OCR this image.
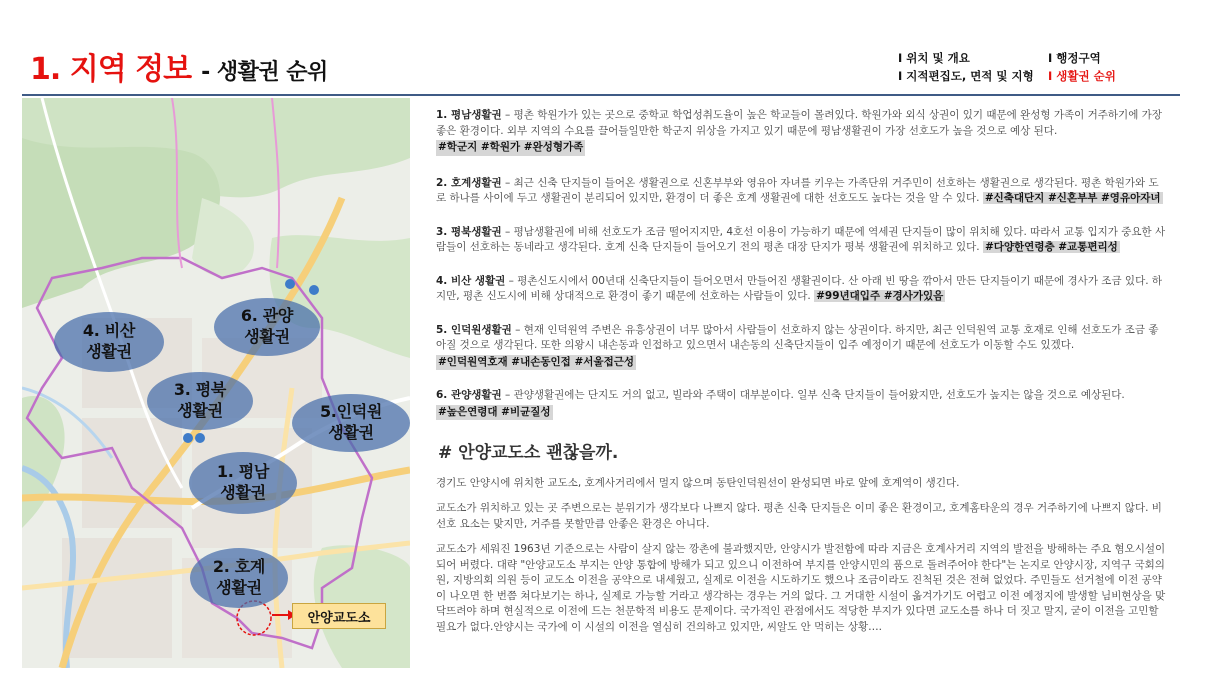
1. 지역 정보 - 생활권 순위
I 위치 및 개요	I 행정구역
I 지적편집도, 면적 및 지형 I 생활권 순위
4. 비산
생활권
6. 관양
생활권
3. 평북
생활권	5.인덕원
생활권
1. 평남
생활권
2. 호계
생활권
안양교도소
1. 평남생활권 – 평촌 학원가가 있는 곳으로 중학교 학업성취도율이 높은 학교들이 몰려있다. 학원가와 외식 상권이 있기 때문에 완성형 가족이 거주하기에 가장 좋은 환경이다. 외부 지역의 수요를 끌어들일만한 학군지 위상을 가지고 있기 때문에 평남생활권이 가장 선호도가 높을 것으로 예상 된다.
#학군지 #학원가 #완성형가족
2. 호계생활권 – 최근 신축 단지들이 들어온 생활권으로 신혼부부와 영유아 자녀를 키우는 가족단위 거주민이 선호하는 생활권으로 생각된다. 평촌 학원가와 도로 하나를 사이에 두고 생활권이 분리되어 있지만, 환경이 더 좋은 호계 생활권에 대한 선호도도 높다는 것을 알 수 있다. #신축대단지 #신혼부부 #영유아자녀
3. 평북생활권 – 평남생활권에 비해 선호도가 조금 떨어지지만, 4호선 이용이 가능하기 때문에 역세권 단지들이 많이 위치해 있다. 따라서 교통 입지가 중요한 사람들이 선호하는 동네라고 생각된다. 호계 신축 단지들이 들어오기 전의 평촌 대장 단지가 평북 생활권에 위치하고 있다. #다양한연령층 #교통편리성
4. 비산 생활권 – 평촌신도시에서 00년대 신축단지들이 들어오면서 만들어진 생활권이다. 산 아래 빈 땅을 깎아서 만든 단지들이기 때문에 경사가 조금 있다. 하지만, 평촌 신도시에 비해 상대적으로 환경이 좋기 때문에 선호하는 사람들이 있다. #99년대입주 #경사가있음
5. 인덕원생활권 – 현재 인덕원역 주변은 유흥상권이 너무 많아서 사람들이 선호하지 않는 상권이다. 하지만, 최근 인덕원역 교통 호재로 인해 선호도가 조금 좋아질 것으로 생각된다. 또한 의왕시 내손동과 인접하고 있으면서 내손동의 신축단지들이 입주 예정이기 때문에 선호도가 이동할 수도 있겠다.
#인덕원역호재 #내손동인접 #서울접근성
6. 관양생활권 – 관양생활권에는 단지도 거의 없고, 빌라와 주택이 대부분이다. 일부 신축 단지들이 들어왔지만, 선호도가 높지는 않을 것으로 예상된다.
#높은연령대 #비균질성
# 안양교도소 괜찮을까.
경기도 안양시에 위치한 교도소, 호계사거리에서 멀지 않으며 동탄인덕원선이 완성되면 바로 앞에 호계역이 생긴다.
교도소가 위치하고 있는 곳 주변으로는 분위기가 생각보다 나쁘지 않다. 평촌 신축 단지들은 이미 좋은 환경이고, 호계홈타운의 경우 거주하기에 나쁘지 않다. 비선호 요소는 맞지만, 거주를 못할만큼 안좋은 환경은 아니다.
교도소가 세워진 1963년 기준으로는 사람이 살지 않는 깡촌에 불과했지만, 안양시가 발전함에 따라 지금은 호계사거리 지역의 발전을 방해하는 주요 혐오시설이 되어 버렸다. 대략 "안양교도소 부지는 안양 통합에 방해가 되고 있으니 이전하여 부지를 안양시민의 품으로 돌려주어야 한다"는 논지로 안양시장, 지역구 국회의원, 지방의회 의원 등이 교도소 이전을 공약으로 내세웠고, 실제로 이전을 시도하기도 했으나 조금이라도 진척된 것은 전혀 없었다. 주민들도 선거철에 이전 공약이 나오면 한 번쯤 쳐다보기는 하나, 실제로 가능할 거라고 생각하는 경우는 거의 없다. 그 거대한 시설이 옮겨가기도 어렵고 이전 예정지에 발생할 님비현상을 맞닥뜨려야 하며 현실적으로 이전에 드는 천문학적 비용도 문제이다. 국가적인 관점에서도 적당한 부지가 있다면 교도소를 하나 더 짓고 말지, 굳이 이전을 고민할 필요가 없다.안양시는 국가에 이 시설의 이전을 열심히 건의하고 있지만, 씨알도 안 먹히는 상황….
